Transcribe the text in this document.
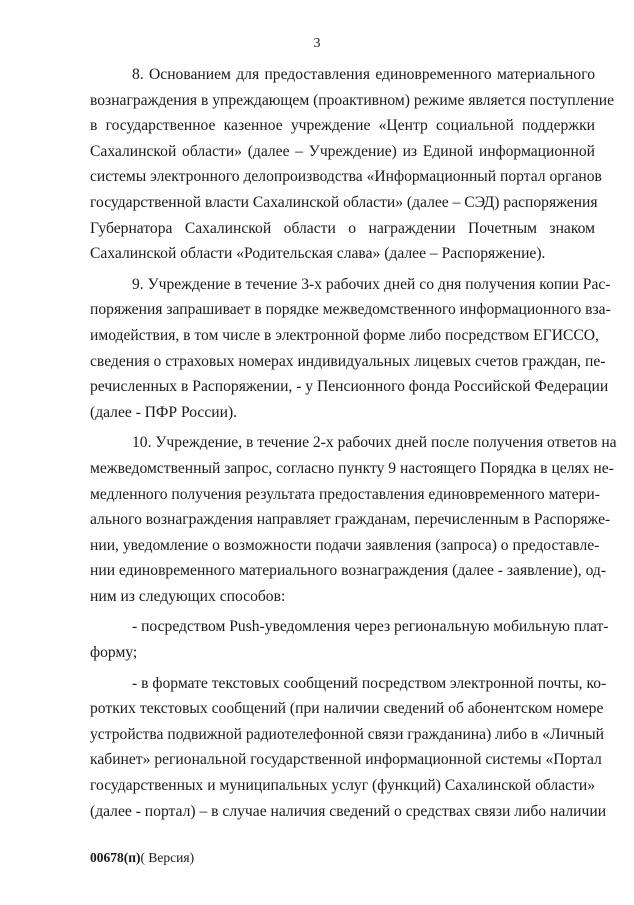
3
8. Основанием для предоставления единовременного материального
вознаграждения в упреждающем (проактивном) режиме является поступление
в государственное казенное учреждение «Центр социальной поддержки
Сахалинской области» (далее – Учреждение) из Единой информационной
системы электронного делопроизводства «Информационный портал органов
государственной власти Сахалинской области» (далее – СЭД) распоряжения
Губернатора Сахалинской области о награждении Почетным знаком
Сахалинской области «Родительская слава» (далее – Распоряжение).
9. Учреждение в течение 3-х рабочих дней со дня получения копии Рас-
поряжения запрашивает в порядке межведомственного информационного вза-
имодействия, в том числе в электронной форме либо посредством ЕГИССО,
сведения о страховых номерах индивидуальных лицевых счетов граждан, пе-
речисленных в Распоряжении, - у Пенсионного фонда Российской Федерации
(далее - ПФР России).
10. Учреждение, в течение 2-х рабочих дней после получения ответов на
межведомственный запрос, согласно пункту 9 настоящего Порядка в целях не-
медленного получения результата предоставления единовременного матери-
ального вознаграждения направляет гражданам, перечисленным в Распоряже-
нии, уведомление о возможности подачи заявления (запроса) о предоставле-
нии единовременного материального вознаграждения (далее - заявление), од-
ним из следующих способов:
- посредством Push-уведомления через региональную мобильную плат-
форму;
- в формате текстовых сообщений посредством электронной почты, ко-
ротких текстовых сообщений (при наличии сведений об абонентском номере
устройства подвижной радиотелефонной связи гражданина) либо в «Личный
кабинет» региональной государственной информационной системы «Портал
государственных и муниципальных услуг (функций) Сахалинской области»
(далее - портал) – в случае наличия сведений о средствах связи либо наличии
00678(п)( Версия)
